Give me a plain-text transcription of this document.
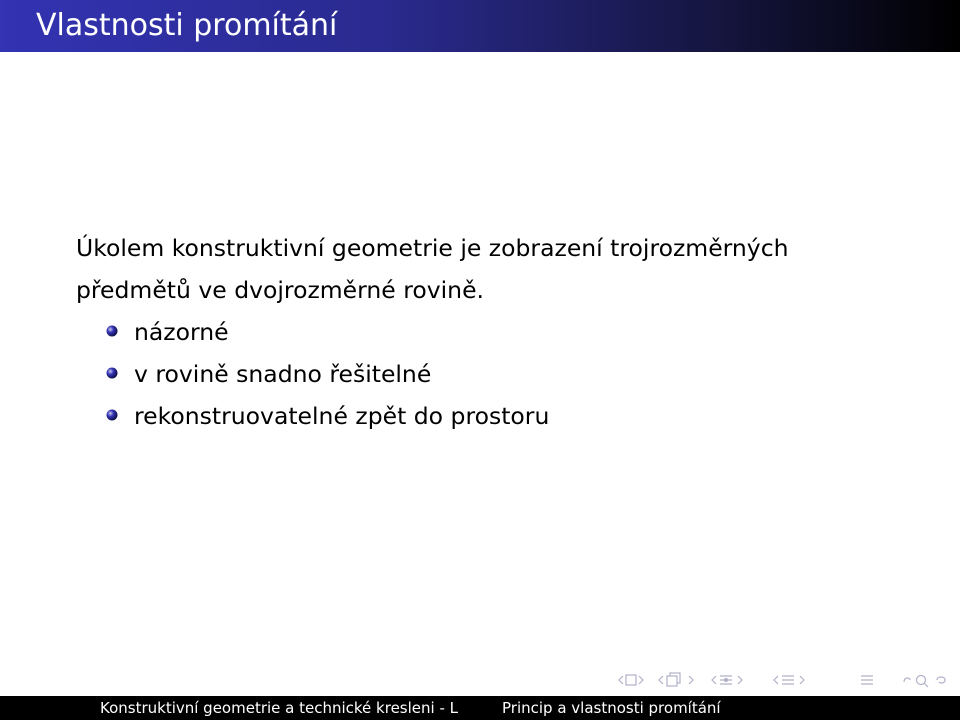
Vlastnosti promítání

Úkolem konstruktivní geometrie je zobrazení trojrozměrných

předmětů ve dvojrozměrné rovině.

názorné
v rovině snadno řešitelné
rekonstruovatelné zpět do prostoru
Konstruktivní geometrie a technické kresleni - L	Princip a vlastnosti promítání
